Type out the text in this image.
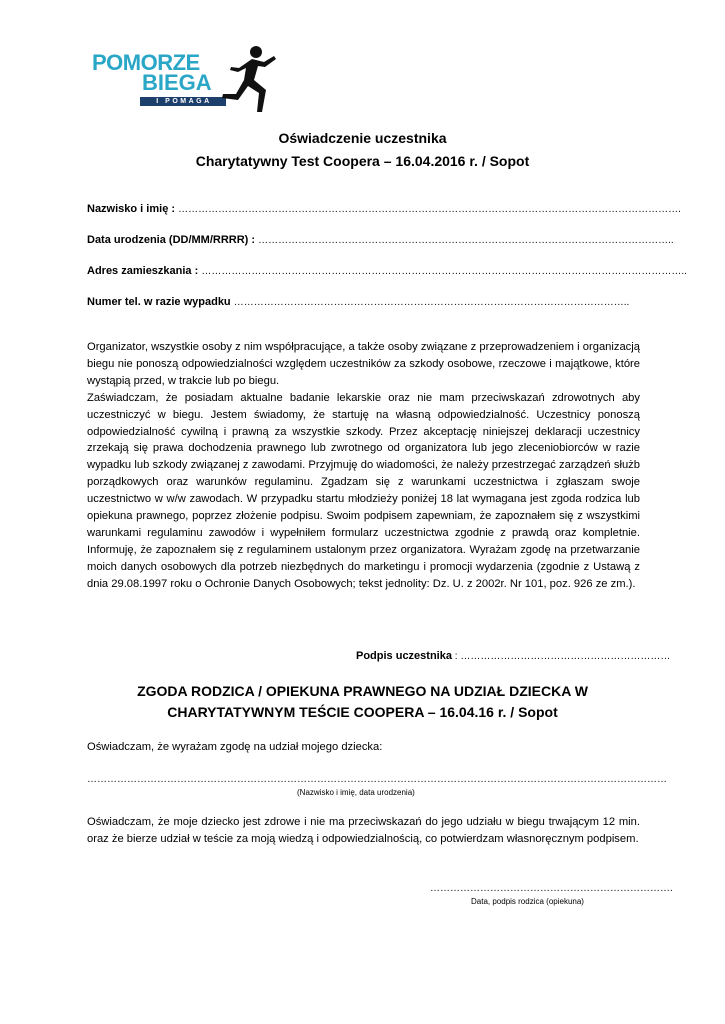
POMORZE
BIEGA
I POMAGA
Oświadczenie uczestnika
Charytatywny Test Coopera – 16.04.2016 r. / Sopot
Nazwisko i imię : …………………………………………………………………………………………………………………………………….
Data urodzenia (DD/MM/RRRR) : ……………………………………………………………………………………………………………..
Adres zamieszkania : ………………………………………………………………………………………………………………………………..
Numer tel. w razie wypadku ………………………………………………………………………………………………………..
Organizator, wszystkie osoby z nim współpracujące, a także osoby związane z przeprowadzeniem i organizacją biegu nie ponoszą odpowiedzialności względem uczestników za szkody osobowe, rzeczowe i majątkowe, które wystąpią przed, w trakcie lub po biegu.
Zaświadczam, że posiadam aktualne badanie lekarskie oraz nie mam przeciwskazań zdrowotnych aby uczestniczyć w biegu. Jestem świadomy, że startuję na własną odpowiedzialność. Uczestnicy ponoszą odpowiedzialność cywilną i prawną za wszystkie szkody. Przez akceptację niniejszej deklaracji uczestnicy zrzekają się prawa dochodzenia prawnego lub zwrotnego od organizatora lub jego zleceniobiorców w razie wypadku lub szkody związanej z zawodami. Przyjmuję do wiadomości, że należy przestrzegać zarządzeń służb porządkowych oraz warunków regulaminu. Zgadzam się z warunkami uczestnictwa i zgłaszam swoje uczestnictwo w w/w zawodach. W przypadku startu młodzieży poniżej 18 lat wymagana jest zgoda rodzica lub opiekuna prawnego, poprzez złożenie podpisu. Swoim podpisem zapewniam, że zapoznałem się z wszystkimi warunkami regulaminu zawodów i wypełniłem formularz uczestnictwa zgodnie z prawdą oraz kompletnie. Informuję, że zapoznałem się z regulaminem ustalonym przez organizatora. Wyrażam zgodę na przetwarzanie moich danych osobowych dla potrzeb niezbędnych do marketingu i promocji wydarzenia (zgodnie z Ustawą z dnia 29.08.1997 roku o Ochronie Danych Osobowych; tekst jednolity: Dz. U. z 2002r. Nr 101, poz. 926 ze zm.).
Podpis uczestnika : ………………………………………………………
ZGODA RODZICA / OPIEKUNA PRAWNEGO NA UDZIAŁ DZIECKA W
CHARYTATYWNYM TEŚCIE COOPERA – 16.04.16 r. / Sopot
Oświadczam, że wyrażam zgodę na udział mojego dziecka:
…………………………………………………………………………………………………………………………………………………………
(Nazwisko i imię, data urodzenia)
Oświadczam, że moje dziecko jest zdrowe i nie ma przeciwskazań do jego udziału w biegu trwającym 12 min. oraz że bierze udział w teście za moją wiedzą i odpowiedzialnością, co potwierdzam własnoręcznym podpisem.
……………………………………………………………….
Data, podpis rodzica (opiekuna)
